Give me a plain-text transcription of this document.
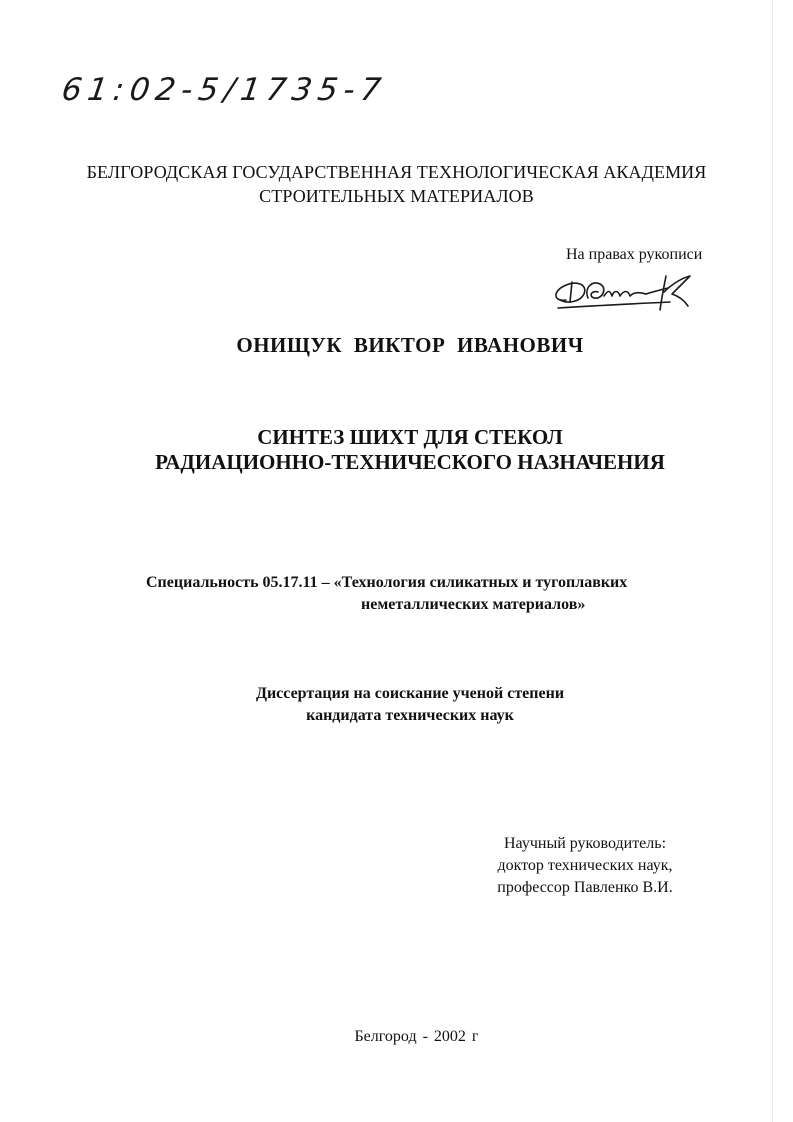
61:02-5/1735-7
БЕЛГОРОДСКАЯ ГОСУДАРСТВЕННАЯ ТЕХНОЛОГИЧЕСКАЯ АКАДЕМИЯ
СТРОИТЕЛЬНЫХ МАТЕРИАЛОВ
На правах рукописи
ОНИЩУК ВИКТОР ИВАНОВИЧ
СИНТЕЗ ШИХТ ДЛЯ СТЕКОЛ
РАДИАЦИОННО-ТЕХНИЧЕСКОГО НАЗНАЧЕНИЯ
Специальность 05.17.11 – «Технология силикатных и тугоплавких
неметаллических материалов»
Диссертация на соискание ученой степени
кандидата технических наук
Научный руководитель:
доктор технических наук,
профессор Павленко В.И.
Белгород - 2002 г
